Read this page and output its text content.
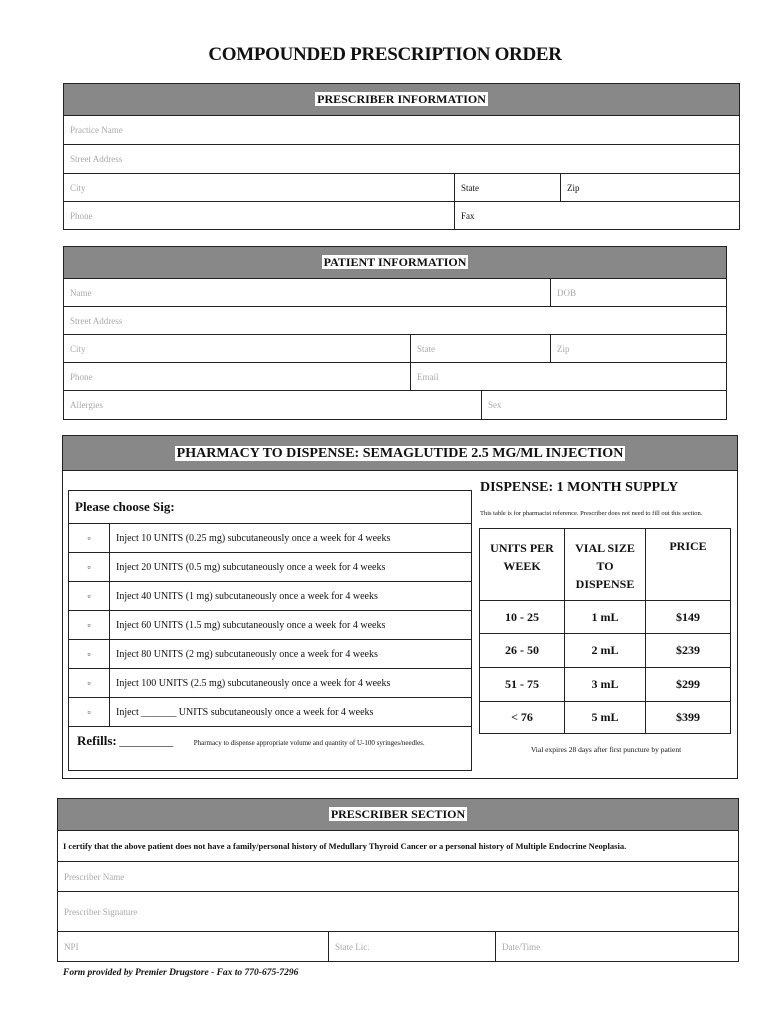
COMPOUNDED PRESCRIPTION ORDER
PRESCRIBER INFORMATION		
Practice Name		
Street Address		
City	State	Zip
Phone	Fax	
PATIENT INFORMATION			
Name			DOB
Street Address			
City	State		Zip
Phone	Email		
Allergies		Sex	
PHARMACY TO DISPENSE: SEMAGLUTIDE 2.5 MG/ML INJECTION
Please choose Sig:	
▫	Inject 10 UNITS (0.25 mg) subcutaneously once a week for 4 weeks
▫	Inject 20 UNITS (0.5 mg) subcutaneously once a week for 4 weeks
▫	Inject 40 UNITS (1 mg) subcutaneously once a week for 4 weeks
▫	Inject 60 UNITS (1.5 mg) subcutaneously once a week for 4 weeks
▫	Inject 80 UNITS (2 mg) subcutaneously once a week for 4 weeks
▫	Inject 100 UNITS (2.5 mg) subcutaneously once a week for 4 weeks
▫	Inject _______ UNITS subcutaneously once a week for 4 weeks
Refills: _________ Pharmacy to dispense appropriate volume and quantity of U-100 syringes/needles.	
DISPENSE: 1 MONTH SUPPLY
This table is for pharmacist reference. Prescriber does not need to fill out this section.
UNITS PER WEEK	VIAL SIZE TO DISPENSE	PRICE
10 - 25	1 mL	$149
26 - 50	2 mL	$239
51 - 75	3 mL	$299
< 76	5 mL	$399
Vial expires 28 days after first puncture by patient
PRESCRIBER SECTION
I certify that the above patient does not have a family/personal history of Medullary Thyroid Cancer or a personal history of Multiple Endocrine Neoplasia.
Prescriber Name
Prescriber Signature
NPI	State Lic.	Date/Time
Form provided by Premier Drugstore - Fax to 770-675-7296
